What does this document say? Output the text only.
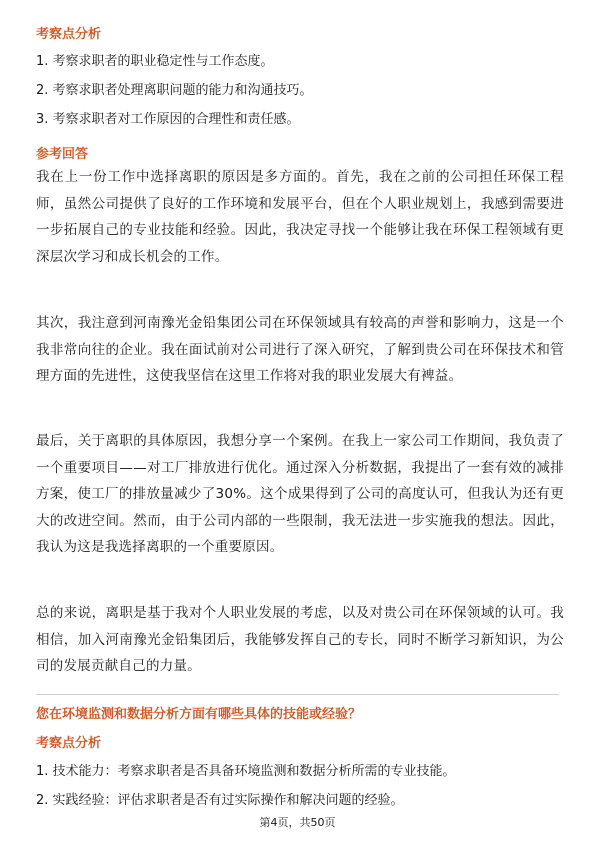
考察点分析
1. 考察求职者的职业稳定性与工作态度。
2. 考察求职者处理离职问题的能力和沟通技巧。
3. 考察求职者对工作原因的合理性和责任感。
参考回答
我在上一份工作中选择离职的原因是多方面的。首先，我在之前的公司担任环保工程师，虽然公司提供了良好的工作环境和发展平台，但在个人职业规划上，我感到需要进一步拓展自己的专业技能和经验。因此，我决定寻找一个能够让我在环保工程领域有更深层次学习和成长机会的工作。
其次，我注意到河南豫光金铅集团公司在环保领域具有较高的声誉和影响力，这是一个我非常向往的企业。我在面试前对公司进行了深入研究，了解到贵公司在环保技术和管理方面的先进性，这使我坚信在这里工作将对我的职业发展大有裨益。
最后，关于离职的具体原因，我想分享一个案例。在我上一家公司工作期间，我负责了一个重要项目——对工厂排放进行优化。通过深入分析数据，我提出了一套有效的减排方案，使工厂的排放量减少了30%。这个成果得到了公司的高度认可，但我认为还有更大的改进空间。然而，由于公司内部的一些限制，我无法进一步实施我的想法。因此，我认为这是我选择离职的一个重要原因。
总的来说，离职是基于我对个人职业发展的考虑，以及对贵公司在环保领域的认可。我相信，加入河南豫光金铅集团后，我能够发挥自己的专长，同时不断学习新知识，为公司的发展贡献自己的力量。
您在环境监测和数据分析方面有哪些具体的技能或经验？
考察点分析
1. 技术能力：考察求职者是否具备环境监测和数据分析所需的专业技能。
2. 实践经验：评估求职者是否有过实际操作和解决问题的经验。
第4页，共50页
